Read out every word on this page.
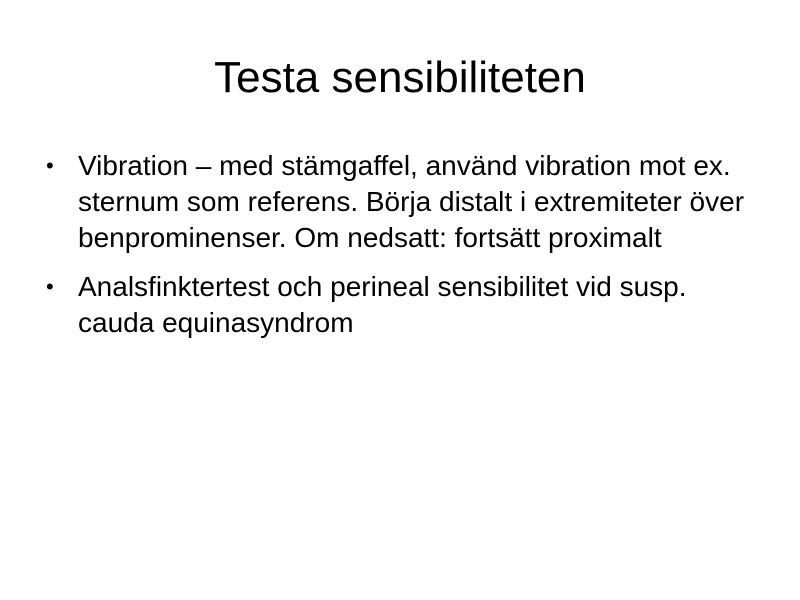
Testa sensibiliteten
• Vibration – med stämgaffel, använd vibration mot ex. sternum som referens. Börja distalt i extremiteter över benprominenser. Om nedsatt: fortsätt proximalt
• Analsfinktertest och perineal sensibilitet vid susp. cauda equinasyndrom
